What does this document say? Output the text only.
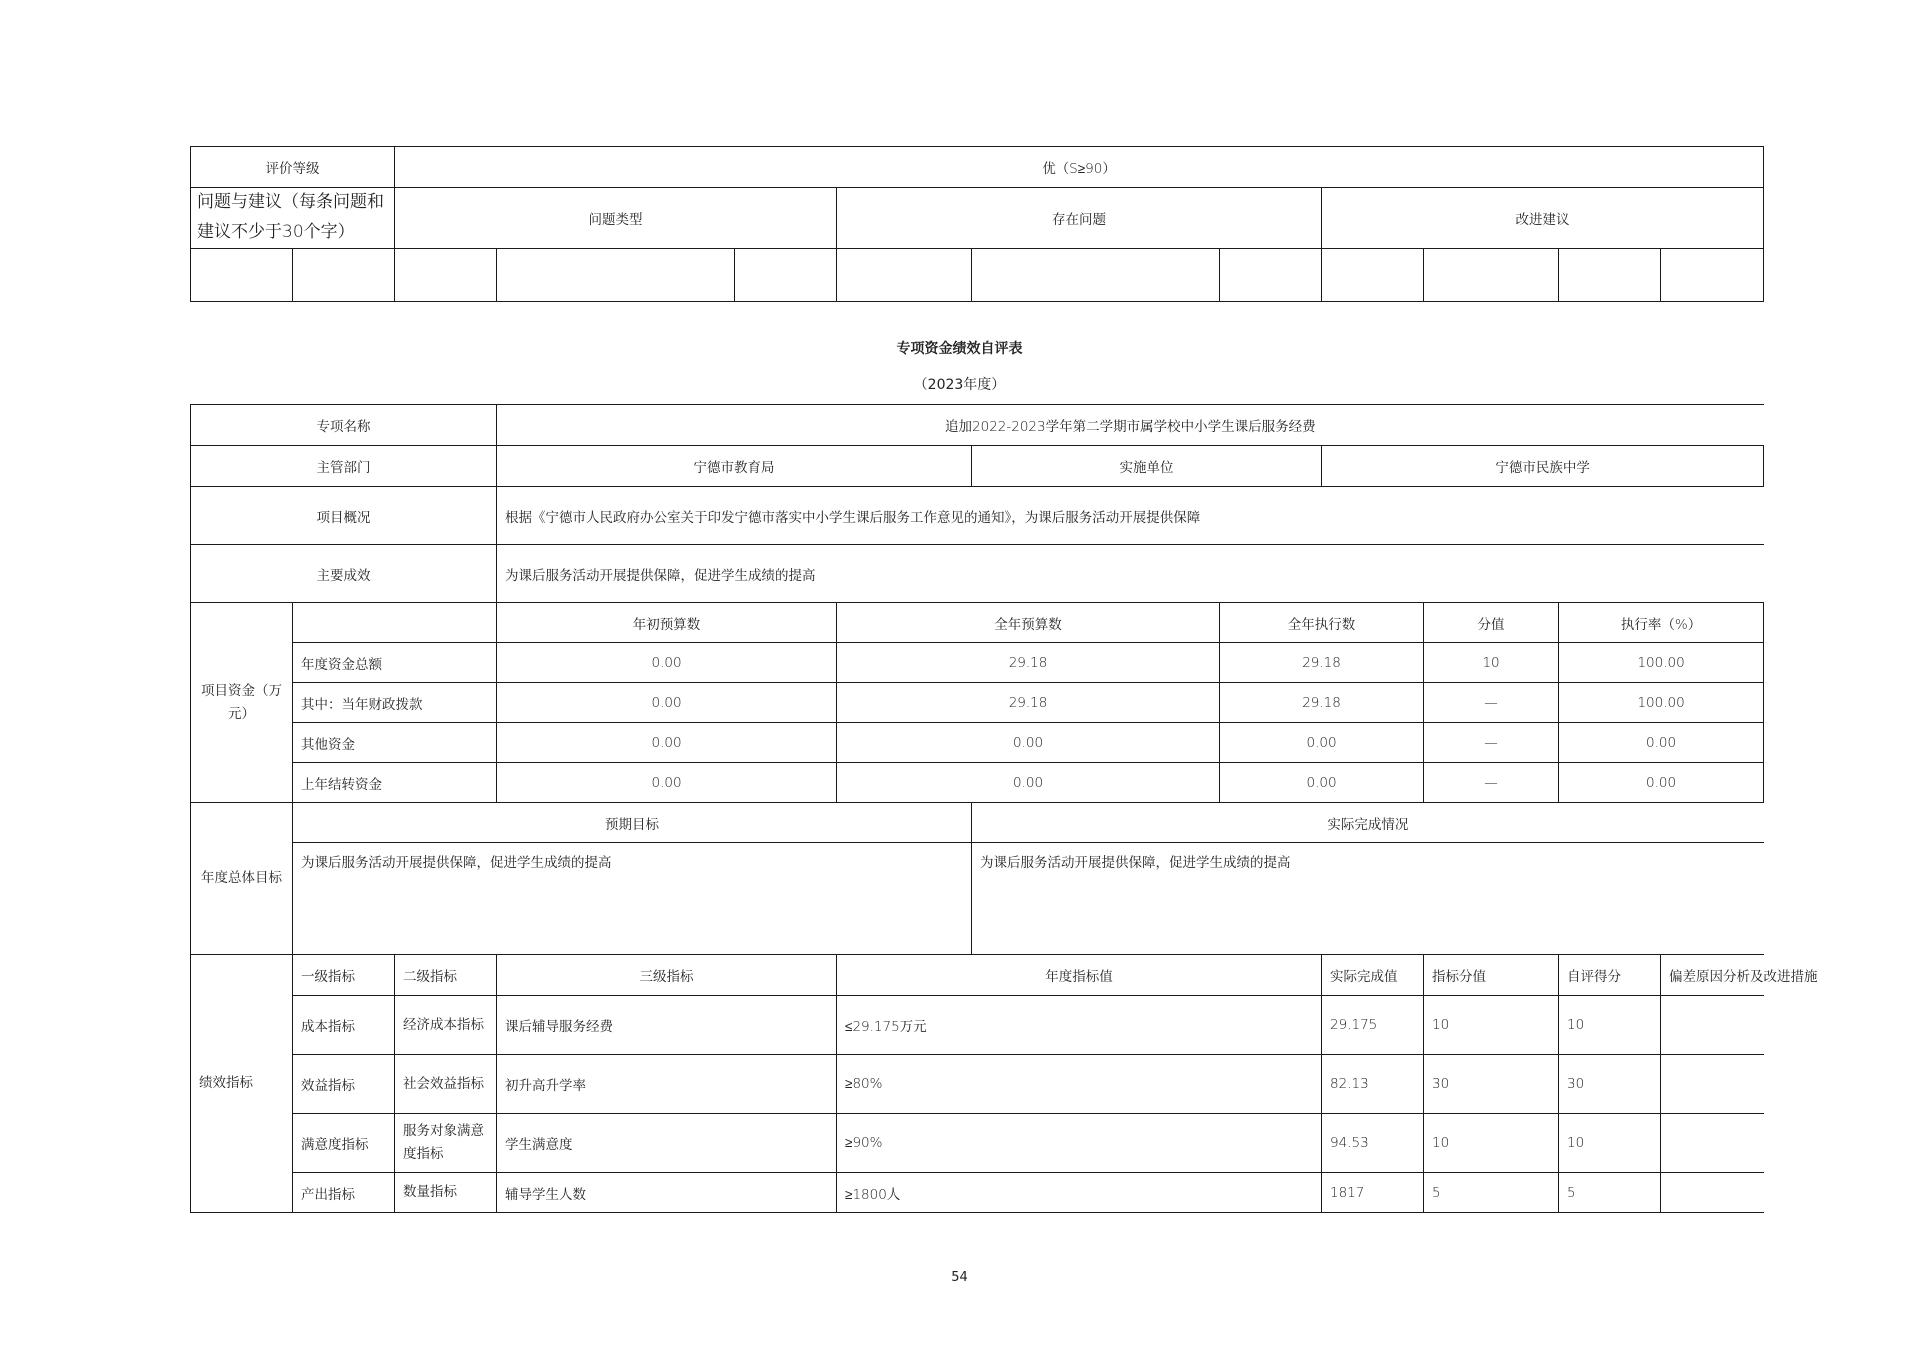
评价等级		优（S≥90）									
问题与建议（每条问题和建议不少于30个字）		问题类型			存在问题			改进建议			

专项资金绩效自评表
（2023年度）
专项名称			追加2022-2023学年第二学期市属学校中小学生课后服务经费								
主管部门			宁德市教育局		实施单位		宁德市民族中学				
项目概况			根据《宁德市人民政府办公室关于印发宁德市落实中小学生课后服务工作意见的通知》，为课后服务活动开展提供保障								
主要成效			为课后服务活动开展提供保障，促进学生成绩的提高								
项目资金（万元）			年初预算数	全年预算数		全年执行数		分值	执行率（%）	
	年度资金总额		0.00	29.18		29.18		10	100.00	
	其中：当年财政拨款		0.00	29.18		29.18		—	100.00		
	其他资金		0.00	0.00		0.00		—	0.00		
	上年结转资金		0.00	0.00		0.00		—	0.00		
年度总体目标	预期目标				实际完成情况						
	为课后服务活动开展提供保障，促进学生成绩的提高				为课后服务活动开展提供保障，促进学生成绩的提高						
绩效指标	一级指标	二级指标	三级指标	年度指标值			实际完成值	指标分值	自评得分	偏差原因分析及改进措施	
	成本指标	经济成本指标	课后辅导服务经费	≤29.175万元			29.175	10	10		
	效益指标	社会效益指标	初升高升学率	≥80%			82.13	30	30		
	满意度指标	服务对象满意度指标	学生满意度	≥90%			94.53	10	10		
	产出指标	数量指标	辅导学生人数	≥1800人			1817	5	5		
54
